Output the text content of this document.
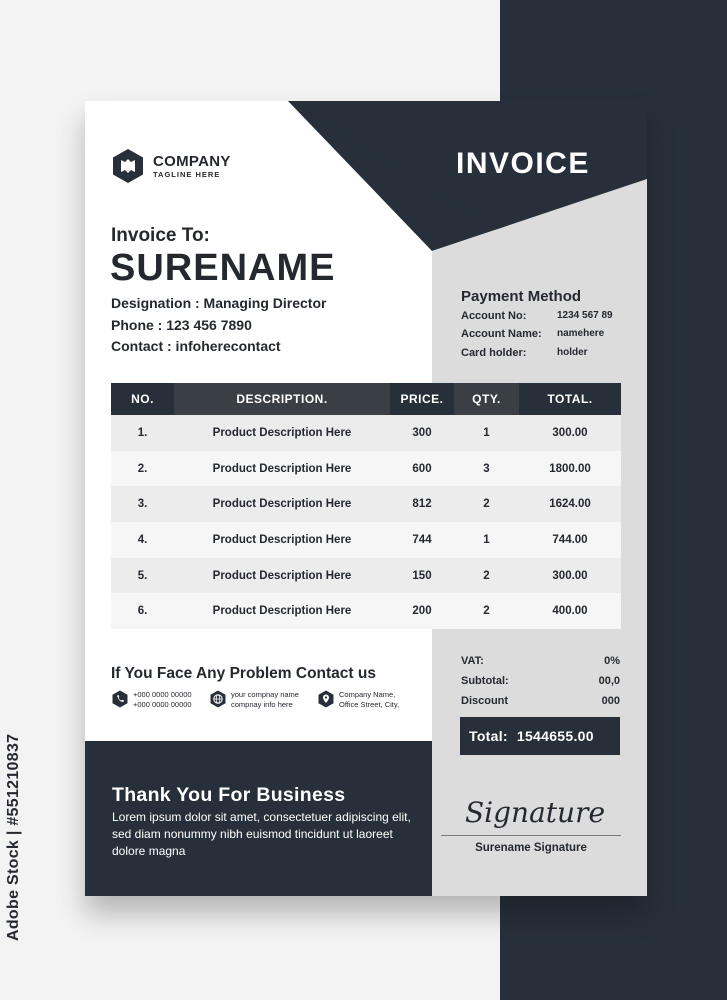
Adobe Stock | #551210837
COMPANY
TAGLINE HERE	INVOICE
Invoice To:
SURENAME
Designation : Managing Director
Phone : 123 456 7890
Contact : infoherecontact
Payment Method
Account No:	1234 567 89
Account Name: namehere
Card holder:	holder
NO.	DESCRIPTION.	PRICE.	QTY.	TOTAL.
1.	Product Description Here	300	1	300.00
2.	Product Description Here	600	3	1800.00
3.	Product Description Here	812	2	1624.00
4.	Product Description Here	744	1	744.00
5.	Product Description Here	150	2	300.00
6.	Product Description Here	200	2	400.00
If You Face Any Problem Contact us
+000 0000 00000
+000 0000 00000
your compnay name
compnay info here
Company Name,
Office Street, City,
VAT:	0%
Subtotal:	00,0
Discount	000
Total: 1544655.00
Thank You For Business
Lorem ipsum dolor sit amet, consectetuer adipiscing elit, sed diam nonummy nibh euismod tincidunt ut laoreet dolore magna
Signature
Surename Signature
